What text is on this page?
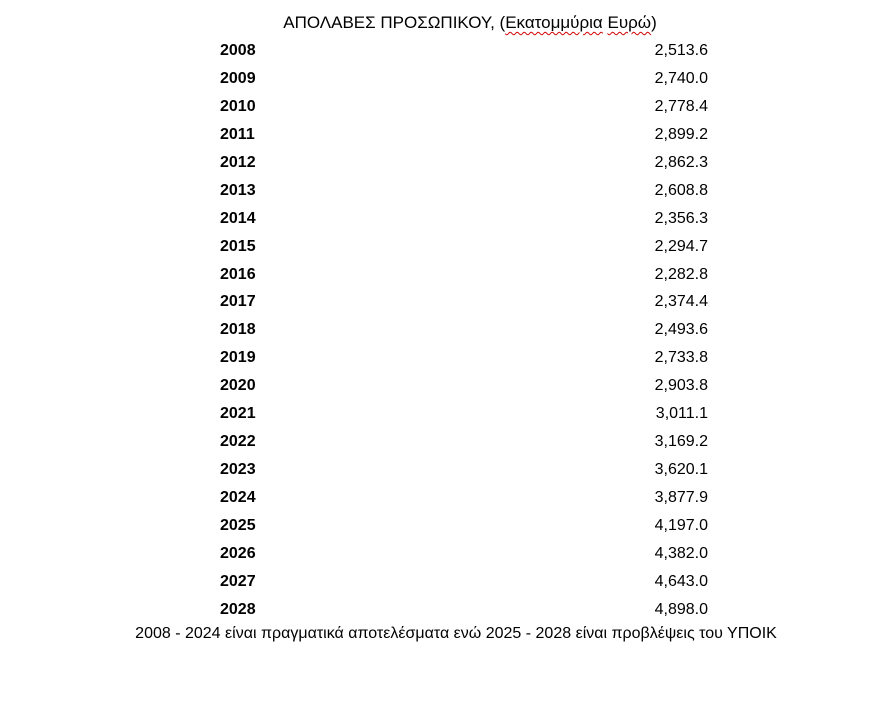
ΑΠΟΛΑΒΕΣ ΠΡΟΣΩΠΙΚΟΥ, (Εκατομμύρια Ευρώ)
2008	2,513.6
2009	2,740.0
2010	2,778.4
2011	2,899.2
2012	2,862.3
2013	2,608.8
2014	2,356.3
2015	2,294.7
2016	2,282.8
2017	2,374.4
2018	2,493.6
2019	2,733.8
2020	2,903.8
2021	3,011.1
2022	3,169.2
2023	3,620.1
2024	3,877.9
2025	4,197.0
2026	4,382.0
2027	4,643.0
2028	4,898.0
2008 - 2024 είναι πραγματικά αποτελέσματα ενώ 2025 - 2028 είναι προβλέψεις του ΥΠΟΙΚ
